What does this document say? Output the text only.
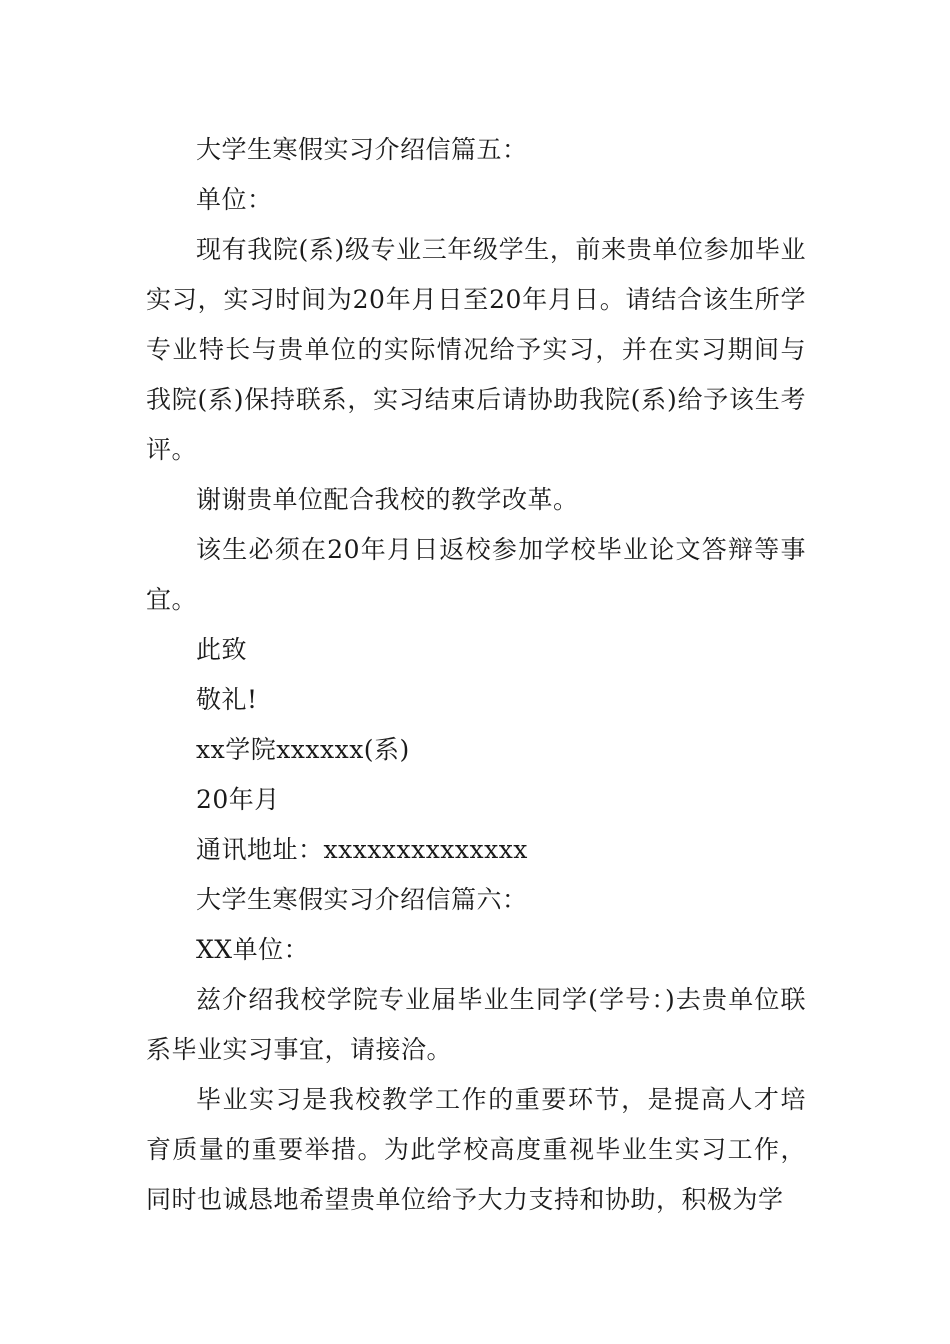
大学生寒假实习介绍信篇五：

单位：

现有我院(系)级专业三年级学生，前来贵单位参加毕业实习，实习时间为20年月日至20年月日。请结合该生所学专业特长与贵单位的实际情况给予实习，并在实习期间与我院(系)保持联系，实习结束后请协助我院(系)给予该生考评。

谢谢贵单位配合我校的教学改革。

该生必须在20年月日返校参加学校毕业论文答辩等事宜。

此致

敬礼!

xx学院xxxxxx(系)

20年月

通讯地址：xxxxxxxxxxxxxx

大学生寒假实习介绍信篇六：

XX单位：

兹介绍我校学院专业届毕业生同学(学号：)去贵单位联系毕业实习事宜，请接洽。

毕业实习是我校教学工作的重要环节，是提高人才培育质量的重要举措。为此学校高度重视毕业生实习工作，同时也诚恳地希望贵单位给予大力支持和协助，积极为学
